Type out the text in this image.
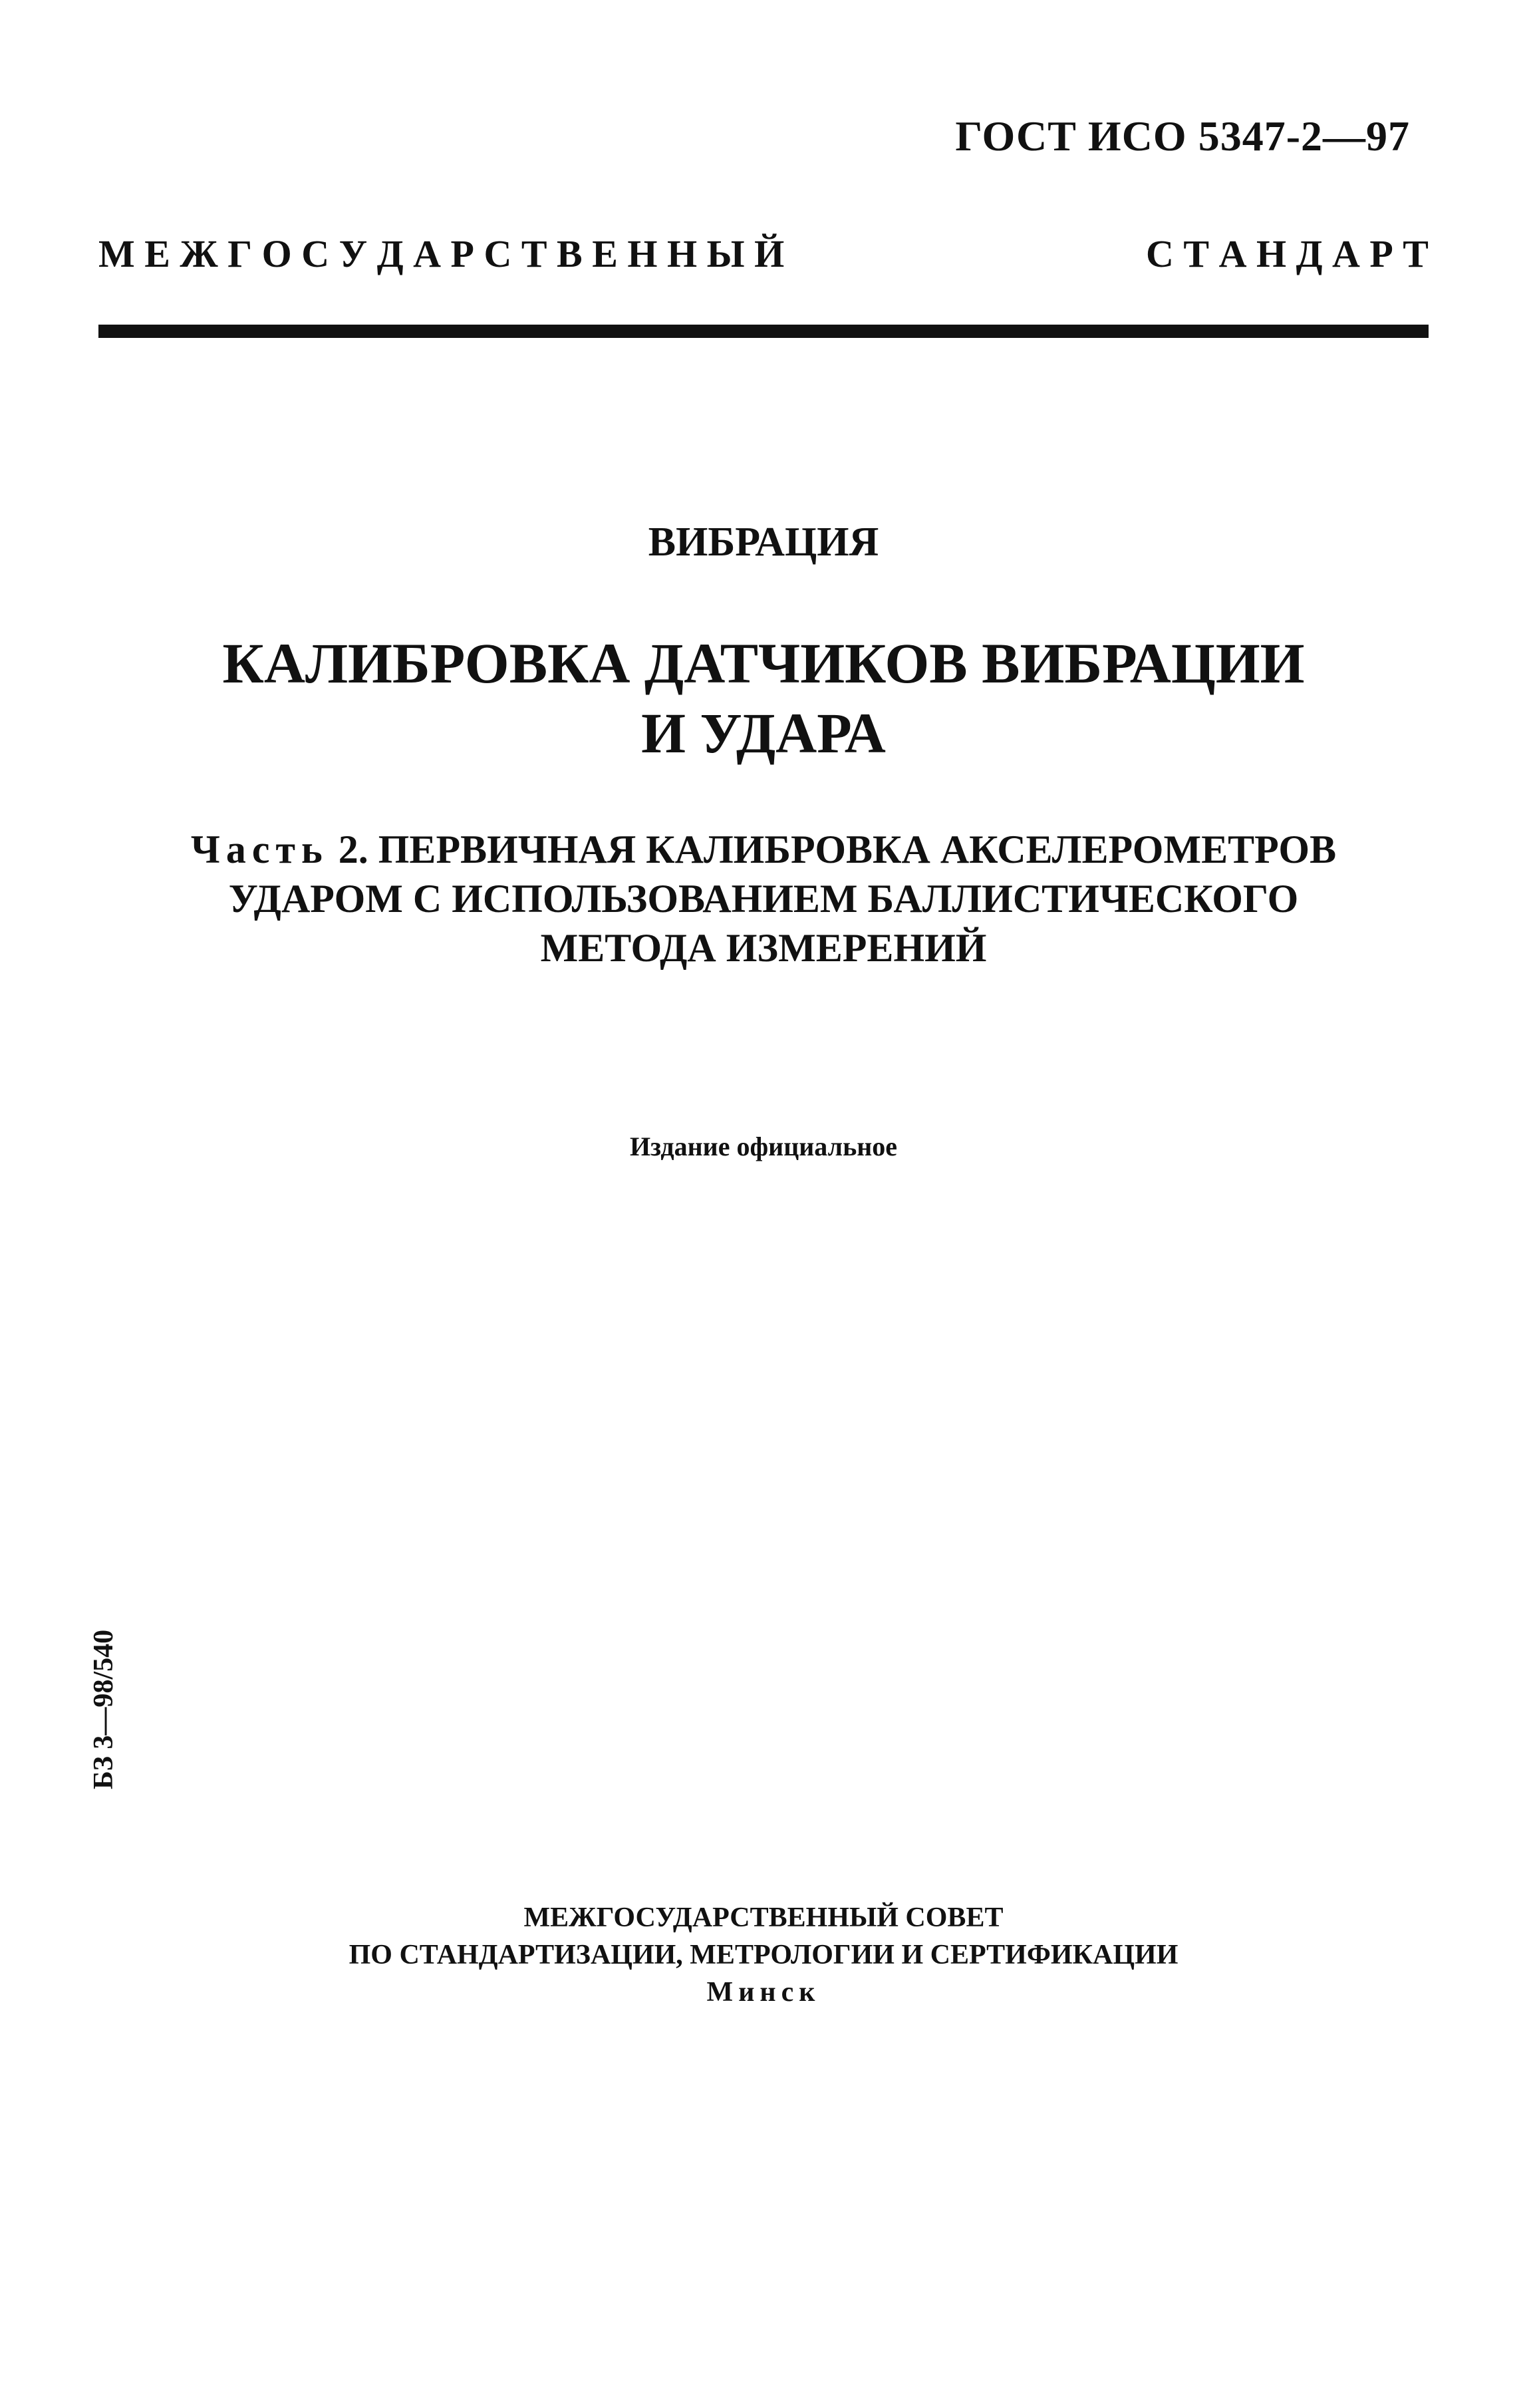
ГОСТ ИСО 5347-2—97

М Е Ж Г О С У Д А Р С Т В Е Н Н Ы Й	С Т А Н Д А Р Т

ВИБРАЦИЯ

КАЛИБРОВКА ДАТЧИКОВ ВИБРАЦИИ
И УДАРА

Часть 2. ПЕРВИЧНАЯ КАЛИБРОВКА АКСЕЛЕРОМЕТРОВ
УДАРОМ С ИСПОЛЬЗОВАНИЕМ БАЛЛИСТИЧЕСКОГО
МЕТОДА ИЗМЕРЕНИЙ

Издание официальное

БЗ 3—98/540
МЕЖГОСУДАРСТВЕННЫЙ СОВЕТ
ПО СТАНДАРТИЗАЦИИ, МЕТРОЛОГИИ И СЕРТИФИКАЦИИ
Минск
